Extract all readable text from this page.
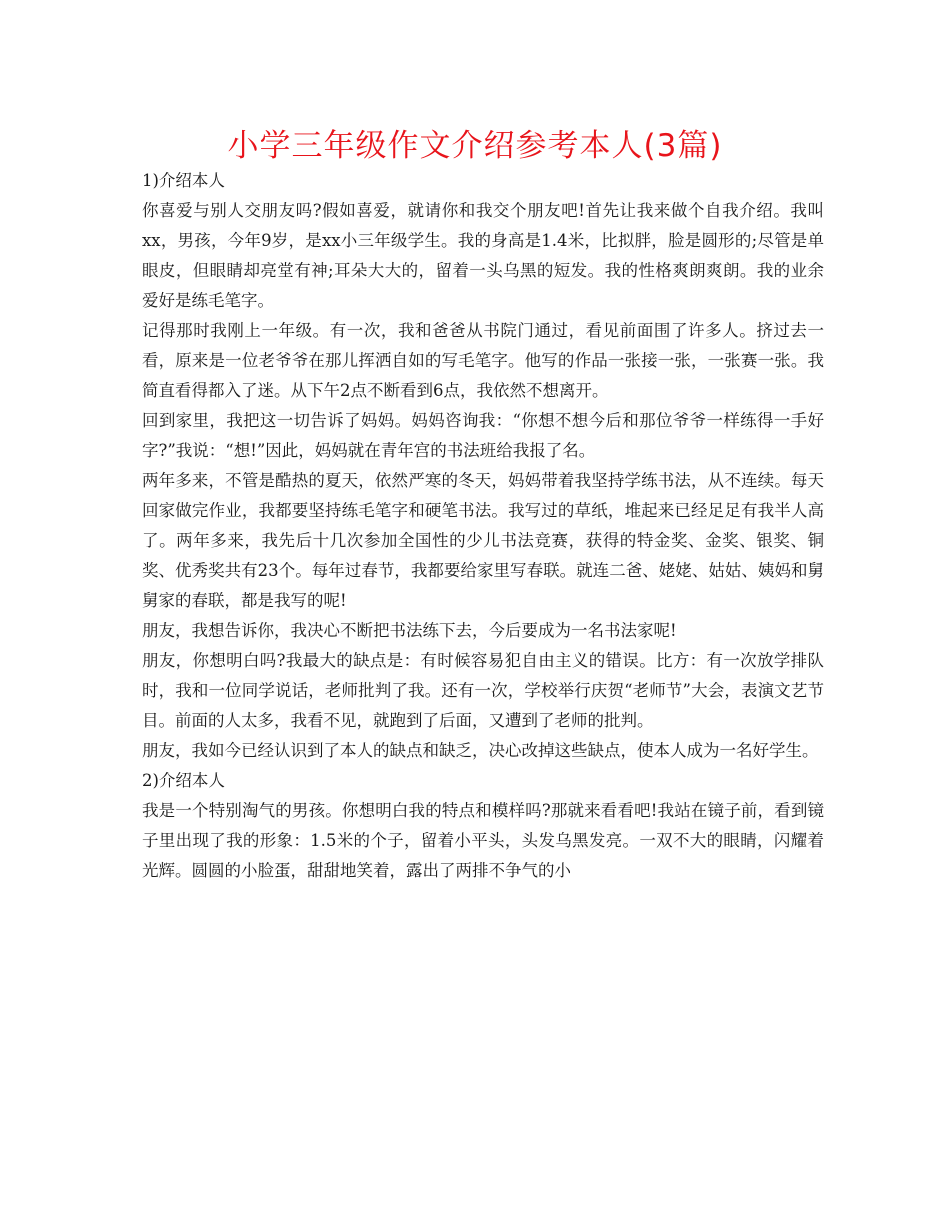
小学三年级作文介绍参考本人(3篇)

1)介绍本人

你喜爱与别人交朋友吗?假如喜爱，就请你和我交个朋友吧!首先让我来做个自我介绍。我叫xx，男孩，今年9岁，是xx小三年级学生。我的身高是1.4米，比拟胖，脸是圆形的;尽管是单眼皮，但眼睛却亮堂有神;耳朵大大的，留着一头乌黑的短发。我的性格爽朗爽朗。我的业余爱好是练毛笔字。

记得那时我刚上一年级。有一次，我和爸爸从书院门通过，看见前面围了许多人。挤过去一看，原来是一位老爷爷在那儿挥洒自如的写毛笔字。他写的作品一张接一张，一张赛一张。我简直看得都入了迷。从下午2点不断看到6点，我依然不想离开。

回到家里，我把这一切告诉了妈妈。妈妈咨询我：“你想不想今后和那位爷爷一样练得一手好字?”我说：“想!”因此，妈妈就在青年宫的书法班给我报了名。

两年多来，不管是酷热的夏天，依然严寒的冬天，妈妈带着我坚持学练书法，从不连续。每天回家做完作业，我都要坚持练毛笔字和硬笔书法。我写过的草纸，堆起来已经足足有我半人高了。两年多来，我先后十几次参加全国性的少儿书法竞赛，获得的特金奖、金奖、银奖、铜奖、优秀奖共有23个。每年过春节，我都要给家里写春联。就连二爸、姥姥、姑姑、姨妈和舅舅家的春联，都是我写的呢!

朋友，我想告诉你，我决心不断把书法练下去，今后要成为一名书法家呢!

朋友，你想明白吗?我最大的缺点是：有时候容易犯自由主义的错误。比方：有一次放学排队时，我和一位同学说话，老师批判了我。还有一次，学校举行庆贺“老师节”大会，表演文艺节目。前面的人太多，我看不见，就跑到了后面，又遭到了老师的批判。

朋友，我如今已经认识到了本人的缺点和缺乏，决心改掉这些缺点，使本人成为一名好学生。

2)介绍本人

我是一个特别淘气的男孩。你想明白我的特点和模样吗?那就来看看吧!我站在镜子前，看到镜子里出现了我的形象：1.5米的个子，留着小平头，头发乌黑发亮。一双不大的眼睛，闪耀着光辉。圆圆的小脸蛋，甜甜地笑着，露出了两排不争气的小
